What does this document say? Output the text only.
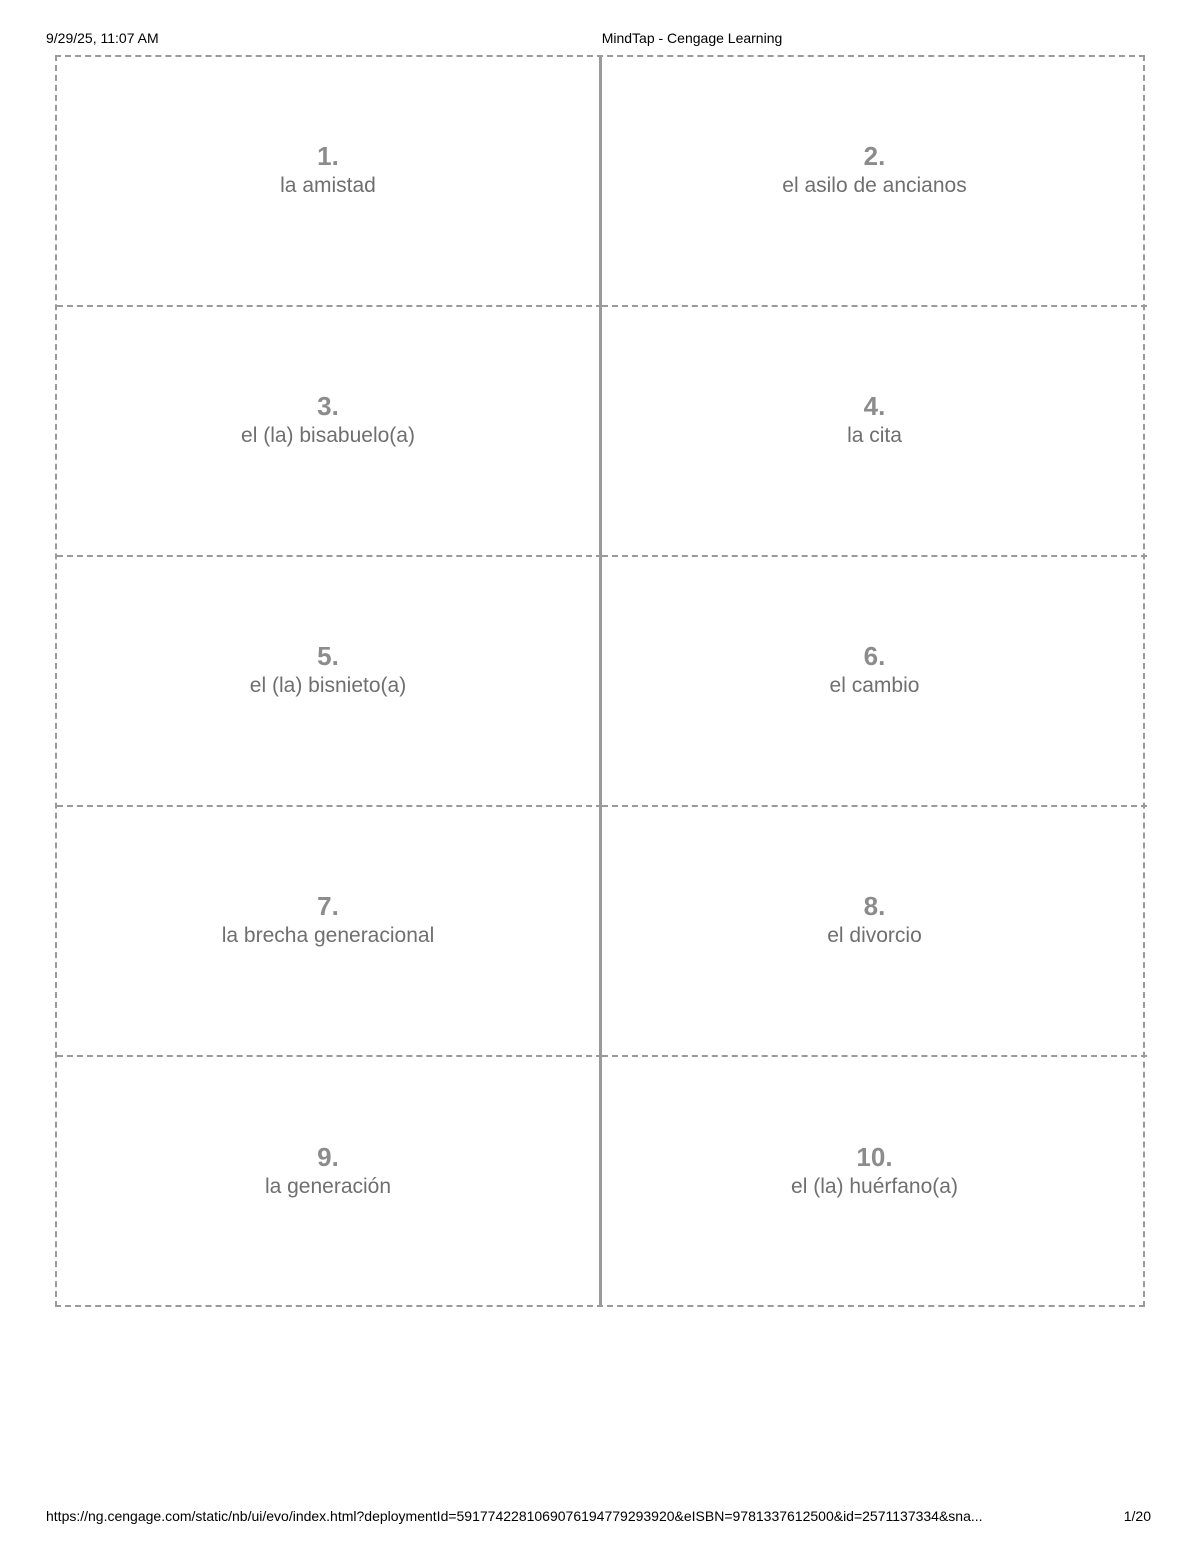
9/29/25, 11:07 AM	MindTap - Cengage Learning
1.
la amistad
2.
el asilo de ancianos
3.
el (la) bisabuelo(a)
4.
la cita
5.
el (la) bisnieto(a)
6.
el cambio
7.
la brecha generacional
8.
el divorcio
9.
la generación
10.
el (la) huérfano(a)
https://ng.cengage.com/static/nb/ui/evo/index.html?deploymentId=5917742281069076194779293920&eISBN=9781337612500&id=2571137334&sna...	1/20
